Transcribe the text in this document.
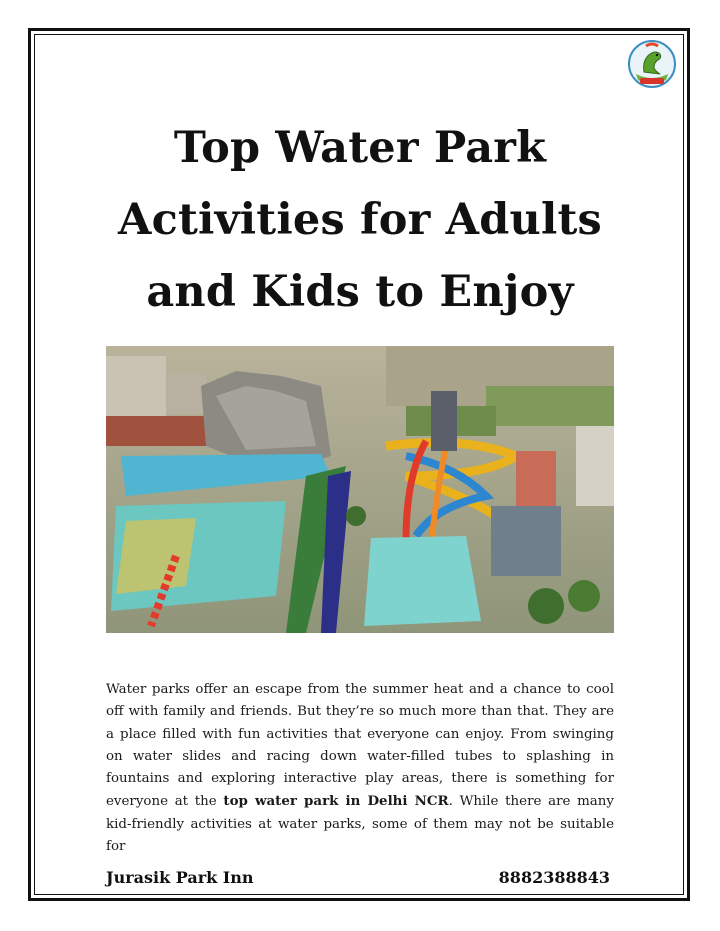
Top Water Park
Activities for Adults
and Kids to Enjoy

Water parks offer an escape from the summer heat and a chance to cool off with family and friends. But they’re so much more than that. They are a place filled with fun activities that everyone can enjoy. From swinging on water slides and racing down water-filled tubes to splashing in fountains and exploring interactive play areas, there is something for everyone at the top water park in Delhi NCR. While there are many kid-friendly activities at water parks, some of them may not be suitable for

Jurasik Park Inn	8882388843
